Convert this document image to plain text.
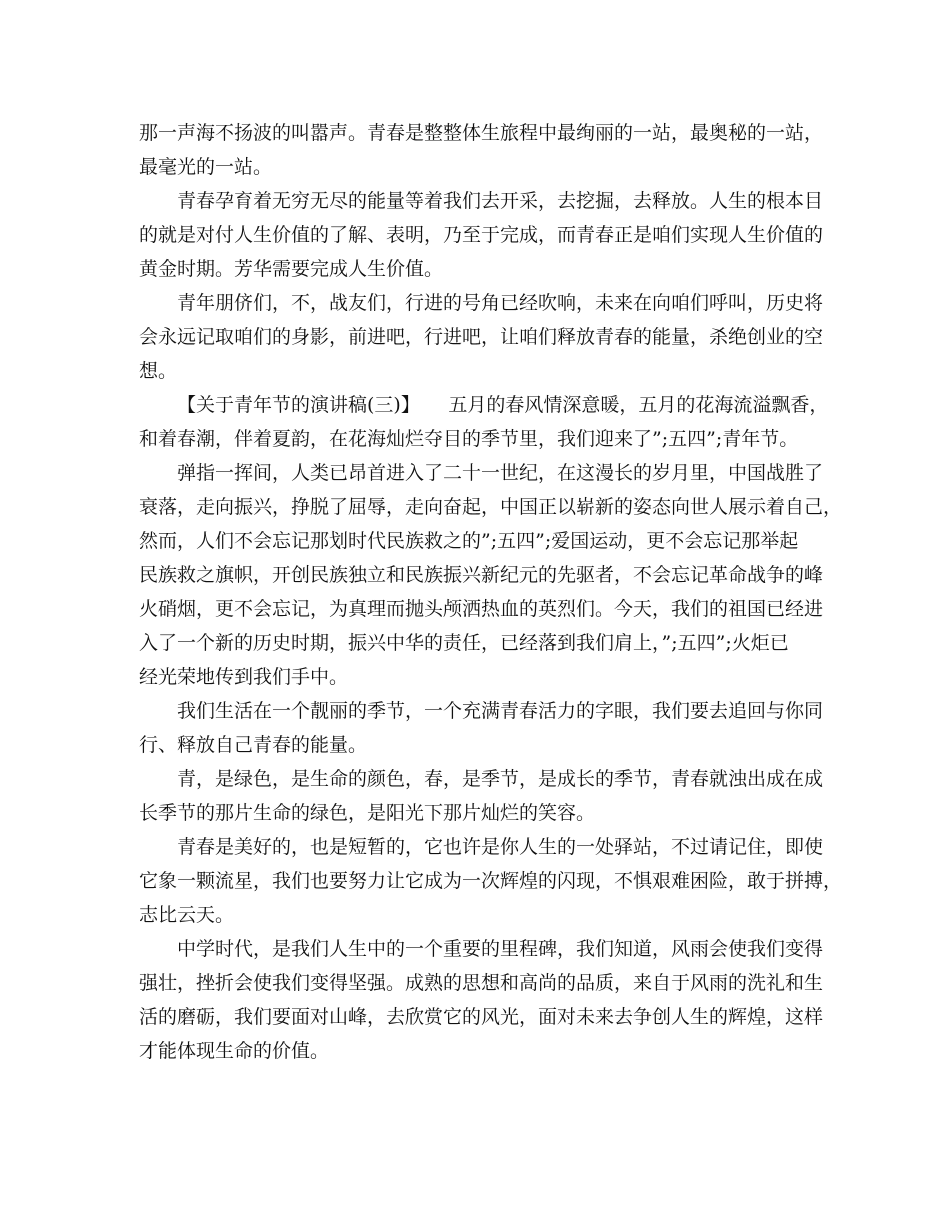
那一声海不扬波的叫嚣声。青春是整整体生旅程中最绚丽的一站，最奥秘的一站，
最毫光的一站。
青春孕育着无穷无尽的能量等着我们去开采，去挖掘，去释放。人生的根本目
的就是对付人生价值的了解、表明，乃至于完成，而青春正是咱们实现人生价值的
黄金时期。芳华需要完成人生价值。
青年朋侪们，不，战友们，行进的号角已经吹响，未来在向咱们呼叫，历史将
会永远记取咱们的身影，前进吧，行进吧，让咱们释放青春的能量，杀绝创业的空
想。
【关于青年节的演讲稿(三)】　　五月的春风情深意暖，五月的花海流溢飘香，
和着春潮，伴着夏韵，在花海灿烂夺目的季节里，我们迎来了”;五四”;青年节。
弹指一挥间，人类已昂首进入了二十一世纪，在这漫长的岁月里，中国战胜了
衰落，走向振兴，挣脱了屈辱，走向奋起，中国正以崭新的姿态向世人展示着自己，
然而，人们不会忘记那划时代民族救之的”;五四”;爱国运动，更不会忘记那举起
民族救之旗帜，开创民族独立和民族振兴新纪元的先驱者，不会忘记革命战争的峰
火硝烟，更不会忘记，为真理而抛头颅洒热血的英烈们。今天，我们的祖国已经进
入了一个新的历史时期，振兴中华的责任，已经落到我们肩上，”;五四”;火炬已
经光荣地传到我们手中。
我们生活在一个靓丽的季节，一个充满青春活力的字眼，我们要去追回与你同
行、释放自己青春的能量。
青，是绿色，是生命的颜色，春，是季节，是成长的季节，青春就浊出成在成
长季节的那片生命的绿色，是阳光下那片灿烂的笑容。
青春是美好的，也是短暂的，它也许是你人生的一处驿站，不过请记住，即使
它象一颗流星，我们也要努力让它成为一次辉煌的闪现，不惧艰难困险，敢于拼搏，
志比云天。
中学时代，是我们人生中的一个重要的里程碑，我们知道，风雨会使我们变得
强壮，挫折会使我们变得坚强。成熟的思想和高尚的品质，来自于风雨的洗礼和生
活的磨砺，我们要面对山峰，去欣赏它的风光，面对未来去争创人生的辉煌，这样
才能体现生命的价值。
